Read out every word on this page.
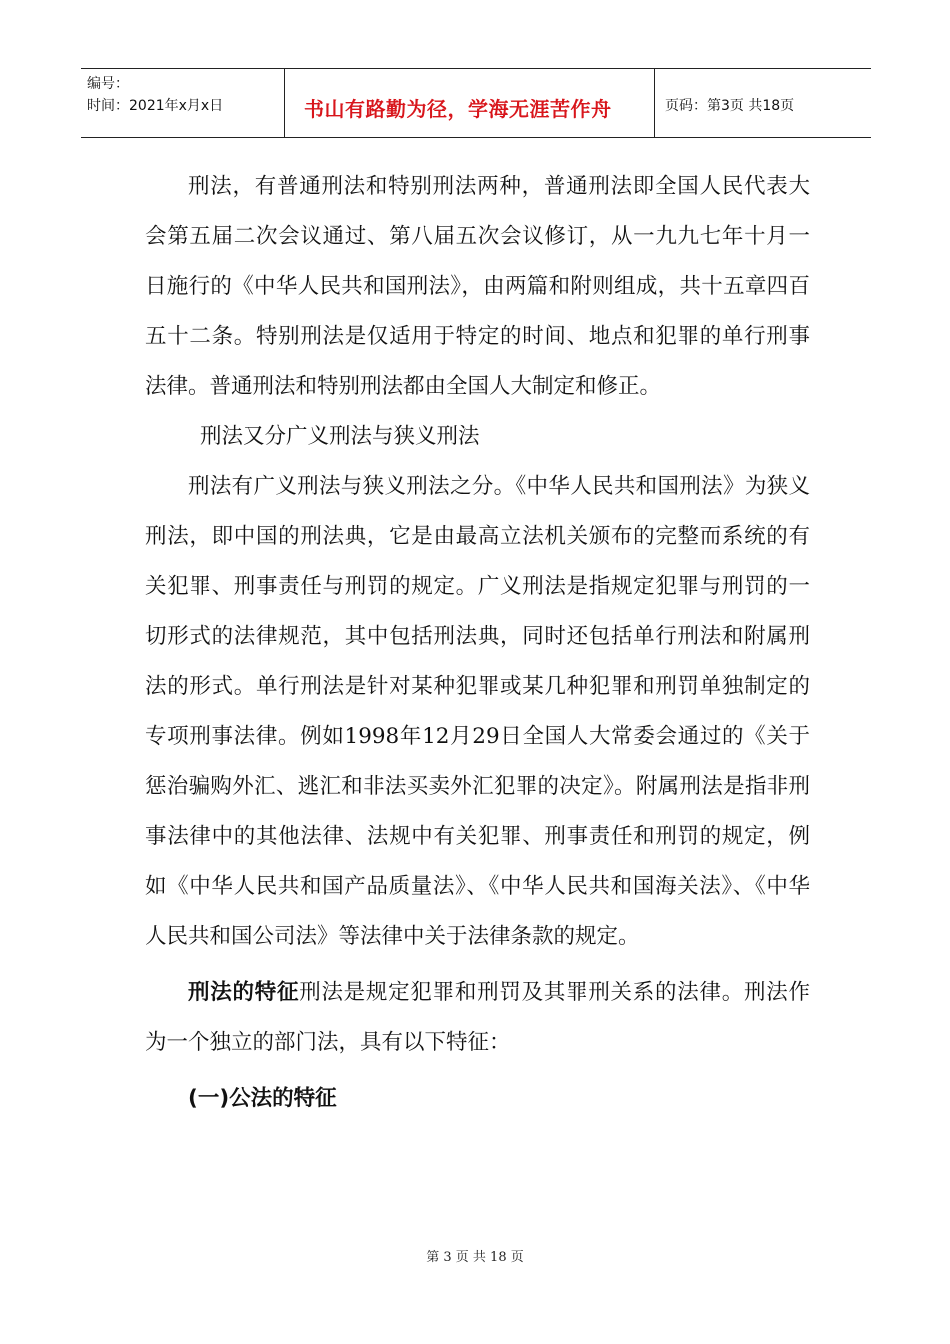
编号：
时间：2021年x月x日	书山有路勤为径，学海无涯苦作舟	页码：第3页 共18页

刑法，有普通刑法和特别刑法两种，普通刑法即全国人民代表大会第五届二次会议通过、第八届五次会议修订，从一九九七年十月一日施行的《中华人民共和国刑法》，由两篇和附则组成，共十五章四百五十二条。特别刑法是仅适用于特定的时间、地点和犯罪的单行刑事法律。普通刑法和特别刑法都由全国人大制定和修正。

刑法又分广义刑法与狭义刑法

刑法有广义刑法与狭义刑法之分。《中华人民共和国刑法》为狭义刑法，即中国的刑法典，它是由最高立法机关颁布的完整而系统的有关犯罪、刑事责任与刑罚的规定。广义刑法是指规定犯罪与刑罚的一切形式的法律规范，其中包括刑法典，同时还包括单行刑法和附属刑法的形式。单行刑法是针对某种犯罪或某几种犯罪和刑罚单独制定的专项刑事法律。例如1998年12月29日全国人大常委会通过的《关于惩治骗购外汇、逃汇和非法买卖外汇犯罪的决定》。附属刑法是指非刑事法律中的其他法律、法规中有关犯罪、刑事责任和刑罚的规定，例如《中华人民共和国产品质量法》、《中华人民共和国海关法》、《中华人民共和国公司法》等法律中关于法律条款的规定。

刑法的特征刑法是规定犯罪和刑罚及其罪刑关系的法律。刑法作为一个独立的部门法，具有以下特征：

(一)公法的特征

第 3 页 共 18 页
